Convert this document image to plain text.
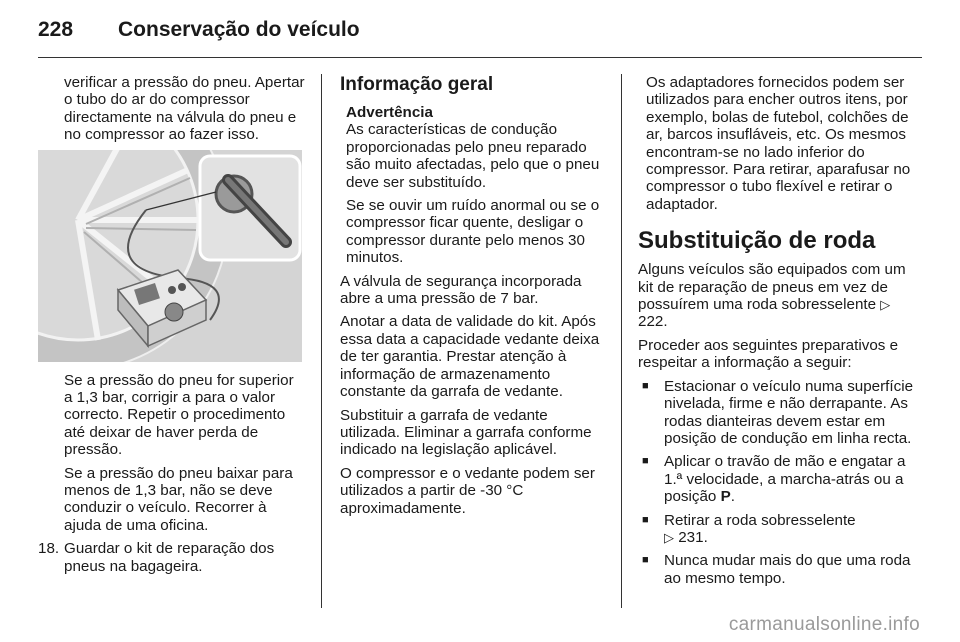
228	Conservação do veículo

verificar a pressão do pneu. Apertar o tubo do ar do compressor directamente na válvula do pneu e no compressor ao fazer isso.

Se a pressão do pneu for superior a 1,3 bar, corrigir a para o valor correcto. Repetir o procedimento até deixar de haver perda de pressão.

Se a pressão do pneu baixar para menos de 1,3 bar, não se deve conduzir o veículo. Recorrer à ajuda de uma oficina.

18. Guardar o kit de reparação dos pneus na bagageira.
Informação geral
Advertência

As características de condução proporcionadas pelo pneu reparado são muito afectadas, pelo que o pneu deve ser substituído.

Se se ouvir um ruído anormal ou se o compressor ficar quente, desligar o compressor durante pelo menos 30 minutos.

A válvula de segurança incorporada abre a uma pressão de 7 bar.

Anotar a data de validade do kit. Após essa data a capacidade vedante deixa de ter garantia. Prestar atenção à informação de armazenamento constante da garrafa de vedante.

Substituir a garrafa de vedante utilizada. Eliminar a garrafa conforme indicado na legislação aplicável.

O compressor e o vedante podem ser utilizados a partir de -30 °C aproximadamente.

Os adaptadores fornecidos podem ser utilizados para encher outros itens, por exemplo, bolas de futebol, colchões de ar, barcos insufláveis, etc. Os mesmos encontram-se no lado inferior do compressor. Para retirar, aparafusar no compressor o tubo flexível e retirar o adaptador.

Substituição de roda

Alguns veículos são equipados com um kit de reparação de pneus em vez de possuírem uma roda sobresselente ▷ 222.

Proceder aos seguintes preparativos e respeitar a informação a seguir:

■	Estacionar o veículo numa superfície nivelada, firme e não derrapante. As rodas dianteiras devem estar em posição de condução em linha recta.
■	Aplicar o travão de mão e engatar a 1.ª velocidade, a marcha-atrás ou a posição P.
■	Retirar a roda sobresselente
▷ 231.
■	Nunca mudar mais do que uma roda ao mesmo tempo.
carmanualsonline.info
